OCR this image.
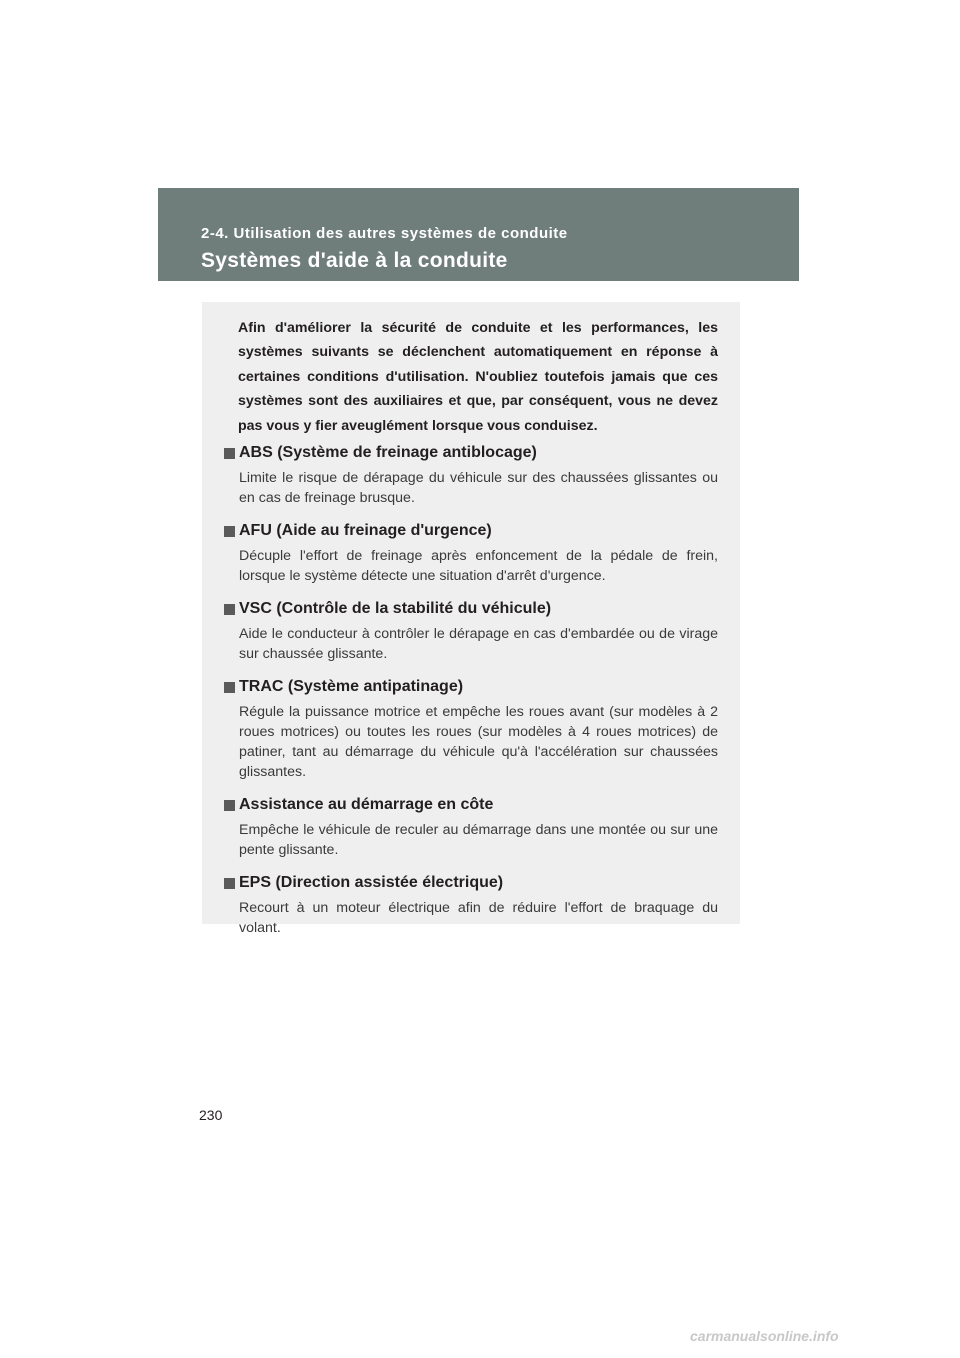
2-4. Utilisation des autres systèmes de conduite
Systèmes d'aide à la conduite
Afin d'améliorer la sécurité de conduite et les performances, les systèmes suivants se déclenchent automatiquement en réponse à certaines conditions d'utilisation. N'oubliez toutefois jamais que ces systèmes sont des auxiliaires et que, par conséquent, vous ne devez pas vous y fier aveuglément lorsque vous conduisez.
ABS (Système de freinage antiblocage)
Limite le risque de dérapage du véhicule sur des chaussées glissantes ou en cas de freinage brusque.
AFU (Aide au freinage d'urgence)
Décuple l'effort de freinage après enfoncement de la pédale de frein, lorsque le système détecte une situation d'arrêt d'urgence.
VSC (Contrôle de la stabilité du véhicule)
Aide le conducteur à contrôler le dérapage en cas d'embardée ou de virage sur chaussée glissante.
TRAC (Système antipatinage)
Régule la puissance motrice et empêche les roues avant (sur modèles à 2 roues motrices) ou toutes les roues (sur modèles à 4 roues motrices) de patiner, tant au démarrage du véhicule qu'à l'accélération sur chaussées glissantes.
Assistance au démarrage en côte
Empêche le véhicule de reculer au démarrage dans une montée ou sur une pente glissante.
EPS (Direction assistée électrique)
Recourt à un moteur électrique afin de réduire l'effort de braquage du volant.
230
carmanualsonline.info
